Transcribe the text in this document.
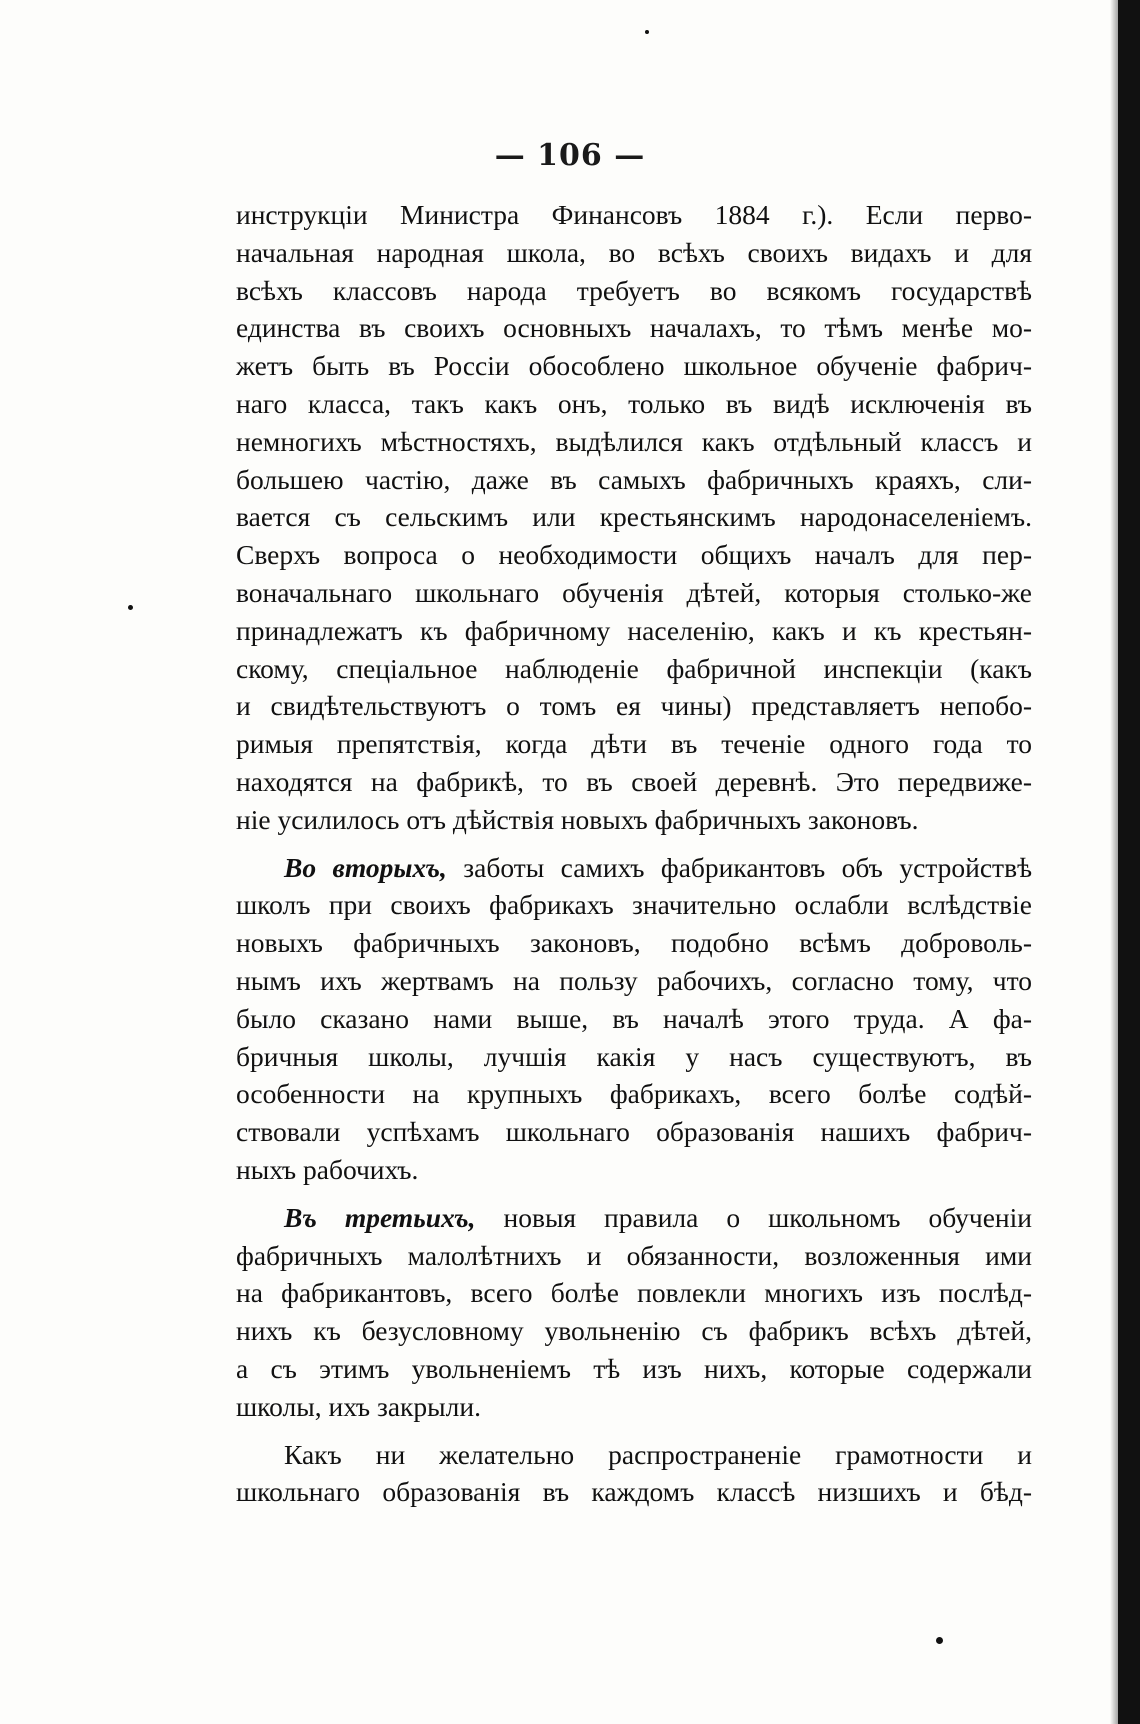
— 106 —
инструкціи Министра Финансовъ 1884 г.). Если перво-
начальная народная школа, во всѣхъ своихъ видахъ и для
всѣхъ классовъ народа требуетъ во всякомъ государствѣ
единства въ своихъ основныхъ началахъ, то тѣмъ менѣе мо-
жетъ быть въ Россіи обособлено школьное обученіе фабрич-
наго класса, такъ какъ онъ, только въ видѣ исключенія въ
немногихъ мѣстностяхъ, выдѣлился какъ отдѣльный классъ и
большею частію, даже въ самыхъ фабричныхъ краяхъ, сли-
вается съ сельскимъ или крестьянскимъ народонаселеніемъ.
Сверхъ вопроса о необходимости общихъ началъ для пер-
воначальнаго школьнаго обученія дѣтей, которыя столько-же
принадлежатъ къ фабричному населенію, какъ и къ крестьян-
скому, спеціальное наблюденіе фабричной инспекціи (какъ
и свидѣтельствуютъ о томъ ея чины) представляетъ непобо-
римыя препятствія, когда дѣти въ теченіе одного года то
находятся на фабрикѣ, то въ своей деревнѣ. Это передвиже-
ніе усилилось отъ дѣйствія новыхъ фабричныхъ законовъ.
Во вторыхъ, заботы самихъ фабрикантовъ объ устройствѣ
школъ при своихъ фабрикахъ значительно ослабли вслѣдствіе
новыхъ фабричныхъ законовъ, подобно всѣмъ доброволь-
нымъ ихъ жертвамъ на пользу рабочихъ, согласно тому, что
было сказано нами выше, въ началѣ этого труда. А фа-
бричныя школы, лучшія какія у насъ существуютъ, въ
особенности на крупныхъ фабрикахъ, всего болѣе содѣй-
ствовали успѣхамъ школьнаго образованія нашихъ фабрич-
ныхъ рабочихъ.
Въ третьихъ, новыя правила о школьномъ обученіи
фабричныхъ малолѣтнихъ и обязанности, возложенныя ими
на фабрикантовъ, всего болѣе повлекли многихъ изъ послѣд-
нихъ къ безусловному увольненію съ фабрикъ всѣхъ дѣтей,
а съ этимъ увольненіемъ тѣ изъ нихъ, которые содержали
школы, ихъ закрыли.
Какъ ни желательно распространеніе грамотности и
школьнаго образованія въ каждомъ классѣ низшихъ и бѣд-
